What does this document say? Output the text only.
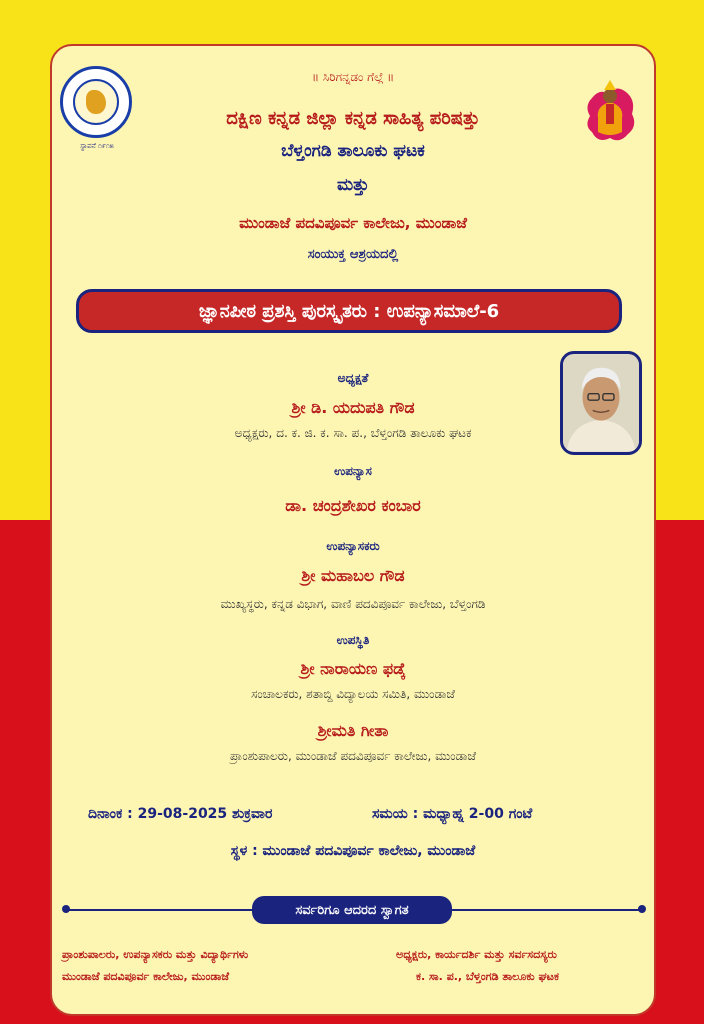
॥ ಸಿರಿಗನ್ನಡಂ ಗೆಲ್ಗೆ ॥
ಸ್ಥಾಪನೆ ೧೯೧೫
ದಕ್ಷಿಣ ಕನ್ನಡ ಜಿಲ್ಲಾ ಕನ್ನಡ ಸಾಹಿತ್ಯ ಪರಿಷತ್ತು
ಬೆಳ್ತಂಗಡಿ ತಾಲೂಕು ಘಟಕ
ಮತ್ತು
ಮುಂಡಾಜೆ ಪದವಿಪೂರ್ವ ಕಾಲೇಜು, ಮುಂಡಾಜೆ
ಸಂಯುಕ್ತ ಆಶ್ರಯದಲ್ಲಿ
ಜ್ಞಾನಪೀಠ ಪ್ರಶಸ್ತಿ ಪುರಸ್ಕೃತರು : ಉಪನ್ಯಾಸಮಾಲೆ-6
ಅಧ್ಯಕ್ಷತೆ
ಶ್ರೀ ಡಿ. ಯದುಪತಿ ಗೌಡ
ಅಧ್ಯಕ್ಷರು, ದ. ಕ. ಜಿ. ಕ. ಸಾ. ಪ., ಬೆಳ್ತಂಗಡಿ ತಾಲೂಕು ಘಟಕ
ಉಪನ್ಯಾಸ
ಡಾ. ಚಂದ್ರಶೇಖರ ಕಂಬಾರ
ಉಪನ್ಯಾಸಕರು
ಶ್ರೀ ಮಹಾಬಲ ಗೌಡ
ಮುಖ್ಯಸ್ಥರು, ಕನ್ನಡ ವಿಭಾಗ, ವಾಣಿ ಪದವಿಪೂರ್ವ ಕಾಲೇಜು, ಬೆಳ್ತಂಗಡಿ
ಉಪಸ್ಥಿತಿ
ಶ್ರೀ ನಾರಾಯಣ ಫಡ್ಕೆ
ಸಂಚಾಲಕರು, ಶತಾಬ್ದಿ ವಿದ್ಯಾಲಯ ಸಮಿತಿ, ಮುಂಡಾಜೆ
ಶ್ರೀಮತಿ ಗೀತಾ
ಪ್ರಾಂಶುಪಾಲರು, ಮುಂಡಾಜೆ ಪದವಿಪೂರ್ವ ಕಾಲೇಜು, ಮುಂಡಾಜೆ
ದಿನಾಂಕ : 29-08-2025 ಶುಕ್ರವಾರ	ಸಮಯ : ಮಧ್ಯಾಹ್ನ 2-00 ಗಂಟೆ
ಸ್ಥಳ : ಮುಂಡಾಜೆ ಪದವಿಪೂರ್ವ ಕಾಲೇಜು, ಮುಂಡಾಜೆ
ಸರ್ವರಿಗೂ ಆದರದ ಸ್ವಾಗತ
ಪ್ರಾಂಶುಪಾಲರು, ಉಪನ್ಯಾಸಕರು ಮತ್ತು ವಿದ್ಯಾರ್ಥಿಗಳು
ಮುಂಡಾಜೆ ಪದವಿಪೂರ್ವ ಕಾಲೇಜು, ಮುಂಡಾಜೆ
ಅಧ್ಯಕ್ಷರು, ಕಾರ್ಯದರ್ಶಿ ಮತ್ತು ಸರ್ವಸದಸ್ಯರು
ಕ. ಸಾ. ಪ., ಬೆಳ್ತಂಗಡಿ ತಾಲೂಕು ಘಟಕ
